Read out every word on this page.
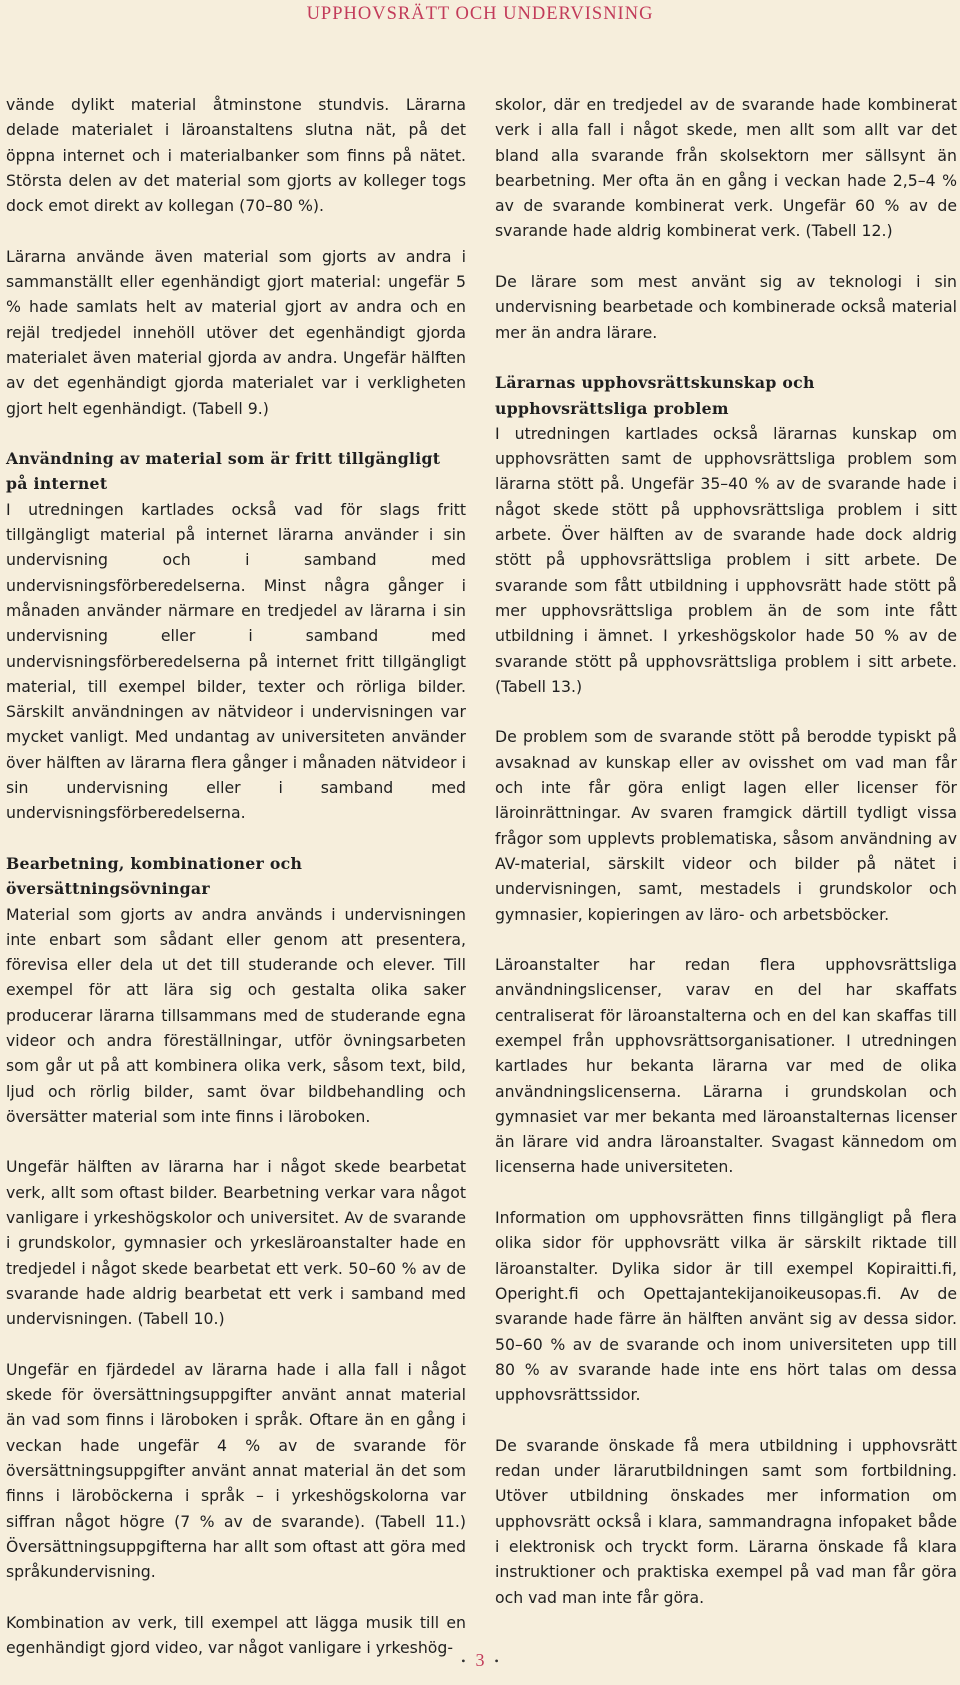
UPPHOVSRÄTT OCH UNDERVISNING

vände dylikt material åtminstone stundvis. Lärarna delade materialet i läroanstaltens slutna nät, på det öppna internet och i materialbanker som finns på nätet. Största delen av det material som gjorts av kolleger togs dock emot direkt av kollegan (70–80 %).

Lärarna använde även material som gjorts av andra i sammanställt eller egenhändigt gjort material: ungefär 5 % hade samlats helt av material gjort av andra och en rejäl tredjedel innehöll utöver det egenhändigt gjorda materialet även material gjorda av andra. Ungefär hälften av det egenhändigt gjorda materialet var i verkligheten gjort helt egenhändigt. (Tabell 9.)

Användning av material som är fritt tillgängligt på internet

I utredningen kartlades också vad för slags fritt tillgängligt material på internet lärarna använder i sin undervisning och i samband med undervisningsförberedelserna. Minst några gånger i månaden använder närmare en tredjedel av lärarna i sin undervisning eller i samband med undervisningsförberedelserna på internet fritt tillgängligt material, till exempel bilder, texter och rörliga bilder. Särskilt användningen av nätvideor i undervisningen var mycket vanligt. Med undantag av universiteten använder över hälften av lärarna flera gånger i månaden nätvideor i sin undervisning eller i samband med undervisningsförberedelserna.

Bearbetning, kombinationer och översättningsövningar

Material som gjorts av andra används i undervisningen inte enbart som sådant eller genom att presentera, förevisa eller dela ut det till studerande och elever. Till exempel för att lära sig och gestalta olika saker producerar lärarna tillsammans med de studerande egna videor och andra föreställningar, utför övningsarbeten som går ut på att kombinera olika verk, såsom text, bild, ljud och rörlig bilder, samt övar bildbehandling och översätter material som inte finns i läroboken.

Ungefär hälften av lärarna har i något skede bearbetat verk, allt som oftast bilder. Bearbetning verkar vara något vanligare i yrkeshögskolor och universitet. Av de svarande i grundskolor, gymnasier och yrkesläroanstalter hade en tredjedel i något skede bearbetat ett verk. 50–60 % av de svarande hade aldrig bearbetat ett verk i samband med undervisningen. (Tabell 10.)

Ungefär en fjärdedel av lärarna hade i alla fall i något skede för översättningsuppgifter använt annat material än vad som finns i läroboken i språk. Oftare än en gång i veckan hade ungefär 4 % av de svarande för översättningsuppgifter använt annat material än det som finns i läroböckerna i språk – i yrkeshögskolorna var siffran något högre (7 % av de svarande). (Tabell 11.) Översättningsuppgifterna har allt som oftast att göra med språkundervisning.

Kombination av verk, till exempel att lägga musik till en egenhändigt gjord video, var något vanligare i yrkeshög-

skolor, där en tredjedel av de svarande hade kombinerat verk i alla fall i något skede, men allt som allt var det bland alla svarande från skolsektorn mer sällsynt än bearbetning. Mer ofta än en gång i veckan hade 2,5–4 % av de svarande kombinerat verk. Ungefär 60 % av de svarande hade aldrig kombinerat verk. (Tabell 12.)

De lärare som mest använt sig av teknologi i sin undervisning bearbetade och kombinerade också material mer än andra lärare.

Lärarnas upphovsrättskunskap och upphovsrättsliga problem

I utredningen kartlades också lärarnas kunskap om upphovsrätten samt de upphovsrättsliga problem som lärarna stött på. Ungefär 35–40 % av de svarande hade i något skede stött på upphovsrättsliga problem i sitt arbete. Över hälften av de svarande hade dock aldrig stött på upphovsrättsliga problem i sitt arbete. De svarande som fått utbildning i upphovsrätt hade stött på mer upphovsrättsliga problem än de som inte fått utbildning i ämnet. I yrkeshögskolor hade 50 % av de svarande stött på upphovsrättsliga problem i sitt arbete. (Tabell 13.)

De problem som de svarande stött på berodde typiskt på avsaknad av kunskap eller av ovisshet om vad man får och inte får göra enligt lagen eller licenser för läroinrättningar. Av svaren framgick därtill tydligt vissa frågor som upplevts problematiska, såsom användning av AV-material, särskilt videor och bilder på nätet i undervisningen, samt, mestadels i grundskolor och gymnasier, kopieringen av läro- och arbetsböcker.

Läroanstalter har redan flera upphovsrättsliga användningslicenser, varav en del har skaffats centraliserat för läroanstalterna och en del kan skaffas till exempel från upphovsrättsorganisationer. I utredningen kartlades hur bekanta lärarna var med de olika användningslicenserna. Lärarna i grundskolan och gymnasiet var mer bekanta med läroanstalternas licenser än lärare vid andra läroanstalter. Svagast kännedom om licenserna hade universiteten.

Information om upphovsrätten finns tillgängligt på flera olika sidor för upphovsrätt vilka är särskilt riktade till läroanstalter. Dylika sidor är till exempel Kopiraitti.fi, Operight.fi och Opettajantekijanoikeusopas.fi. Av de svarande hade färre än hälften använt sig av dessa sidor. 50–60 % av de svarande och inom universiteten upp till 80 % av svarande hade inte ens hört talas om dessa upphovsrättssidor.

De svarande önskade få mera utbildning i upphovsrätt redan under lärarutbildningen samt som fortbildning. Utöver utbildning önskades mer information om upphovsrätt också i klara, sammandragna infopaket både i elektronisk och tryckt form. Lärarna önskade få klara instruktioner och praktiska exempel på vad man får göra och vad man inte får göra.

• 3 •
